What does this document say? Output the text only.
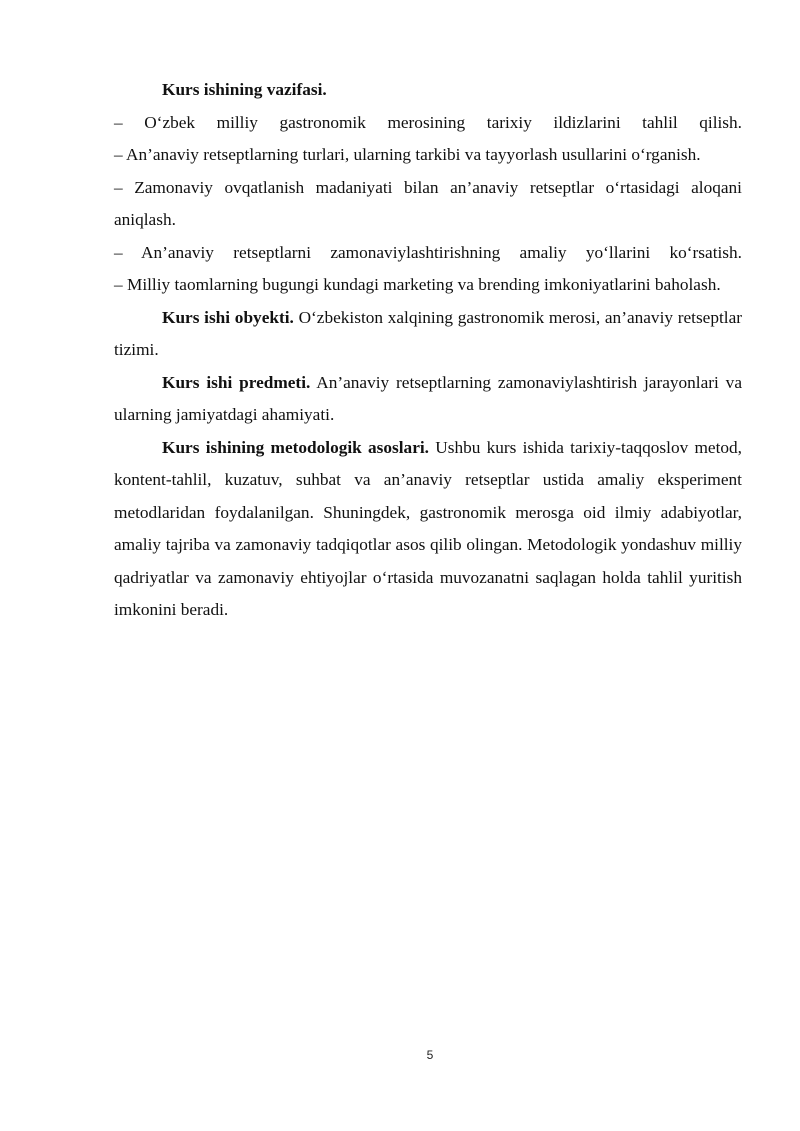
Kurs ishining vazifasi.

– O‘zbek milliy gastronomik merosining tarixiy ildizlarini tahlil qilish.

– An’anaviy retseptlarning turlari, ularning tarkibi va tayyorlash usullarini o‘rganish.

– Zamonaviy ovqatlanish madaniyati bilan an’anaviy retseptlar o‘rtasidagi aloqani aniqlash.

– An’anaviy retseptlarni zamonaviylashtirishning amaliy yo‘llarini ko‘rsatish.

– Milliy taomlarning bugungi kundagi marketing va brending imkoniyatlarini baholash.

Kurs ishi obyekti. O‘zbekiston xalqining gastronomik merosi, an’anaviy retseptlar tizimi.

Kurs ishi predmeti. An’anaviy retseptlarning zamonaviylashtirish jarayonlari va ularning jamiyatdagi ahamiyati.

Kurs ishining metodologik asoslari. Ushbu kurs ishida tarixiy-taqqoslov metod, kontent-tahlil, kuzatuv, suhbat va an’anaviy retseptlar ustida amaliy eksperiment metodlaridan foydalanilgan. Shuningdek, gastronomik merosga oid ilmiy adabiyotlar, amaliy tajriba va zamonaviy tadqiqotlar asos qilib olingan. Metodologik yondashuv milliy qadriyatlar va zamonaviy ehtiyojlar o‘rtasida muvozanatni saqlagan holda tahlil yuritish imkonini beradi.

5
